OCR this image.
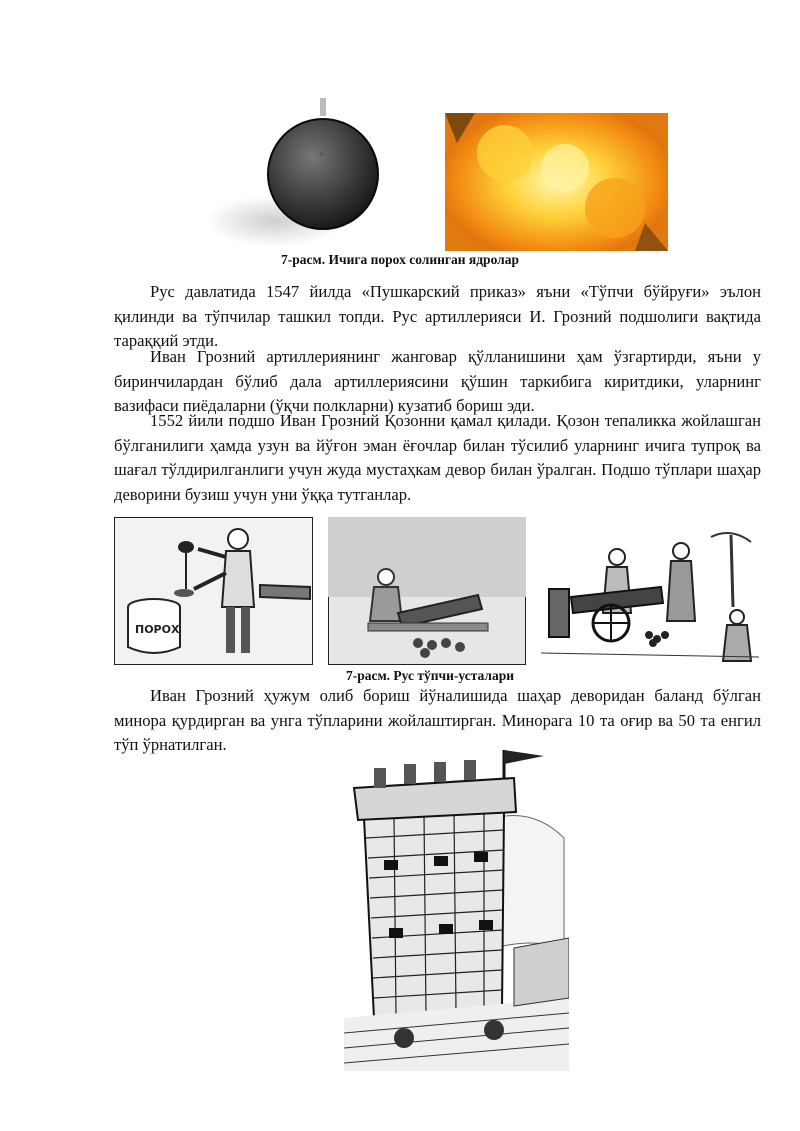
✦
7-расм. Ичига порох солинган ядролар

Рус давлатида 1547 йилда «Пушкарский приказ» яъни «Тўпчи бўйруғи» эълон қилинди ва тўпчилар ташкил топди. Рус артиллерияси И. Грозний подшолиги вақтида тараққий этди.

Иван Грозний артиллериянинг жанговар қўлланишини ҳам ўзгартирди, яъни у биринчилардан бўлиб дала артиллериясини қўшин таркибига киритдики, уларнинг вазифаси пиёдаларни (ўқчи полкларни) кузатиб бориш эди.

1552 йили подшо Иван Грозний Қозонни қамал қилади. Қозон тепаликка жойлашган бўлганилиги ҳамда узун ва йўғон эман ёғочлар билан тўсилиб уларнинг ичига тупроқ ва шағал тўлдирилганлиги учун жуда мустаҳкам девор билан ўралган. Подшо тўплари шаҳар деворини бузиш учун уни ўққа тутганлар.

ПОРОХ
7-расм. Рус тўпчи-усталари

Иван Грозний ҳужум олиб бориш йўналишида шаҳар деворидан баланд бўлган минора қурдирган ва унга тўпларини жойлаштирган. Минорага 10 та оғир ва 50 та енгил тўп ўрнатилган.
